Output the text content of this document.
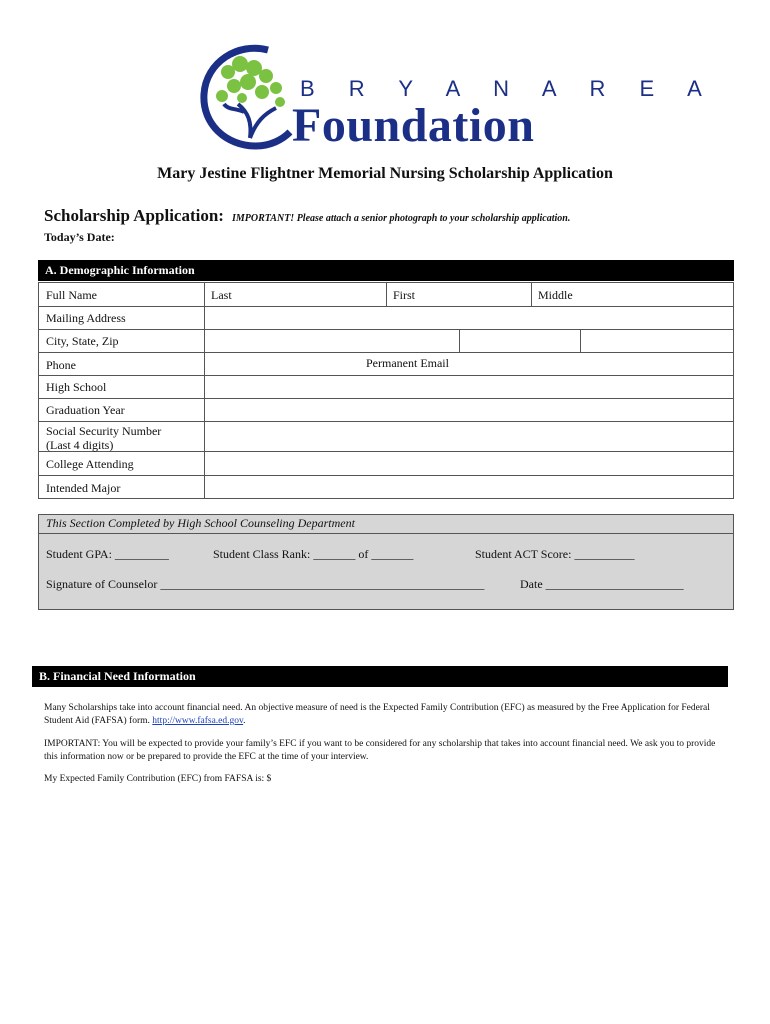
B R Y A N A R E A
Foundation
Mary Jestine Flightner Memorial Nursing Scholarship Application
Scholarship Application: IMPORTANT! Please attach a senior photograph to your scholarship application.
Today’s Date:
A. Demographic Information
Full Name	Last	First	Middle
Mailing Address
City, State, Zip
Phone	Permanent Email
High School
Graduation Year
Social Security Number
(Last 4 digits)
College Attending
Intended Major
This Section Completed by High School Counseling Department
Student GPA: _________	Student Class Rank: _______ of _______	Student ACT Score: __________
Signature of Counselor ______________________________________________________	Date _______________________
B. Financial Need Information
Many Scholarships take into account financial need. An objective measure of need is the Expected Family Contribution (EFC) as measured by the Free Application for Federal Student Aid (FAFSA) form. http://www.fafsa.ed.gov.
IMPORTANT: You will be expected to provide your family’s EFC if you want to be considered for any scholarship that takes into account financial need. We ask you to provide this information now or be prepared to provide the EFC at the time of your interview.
My Expected Family Contribution (EFC) from FAFSA is: $
